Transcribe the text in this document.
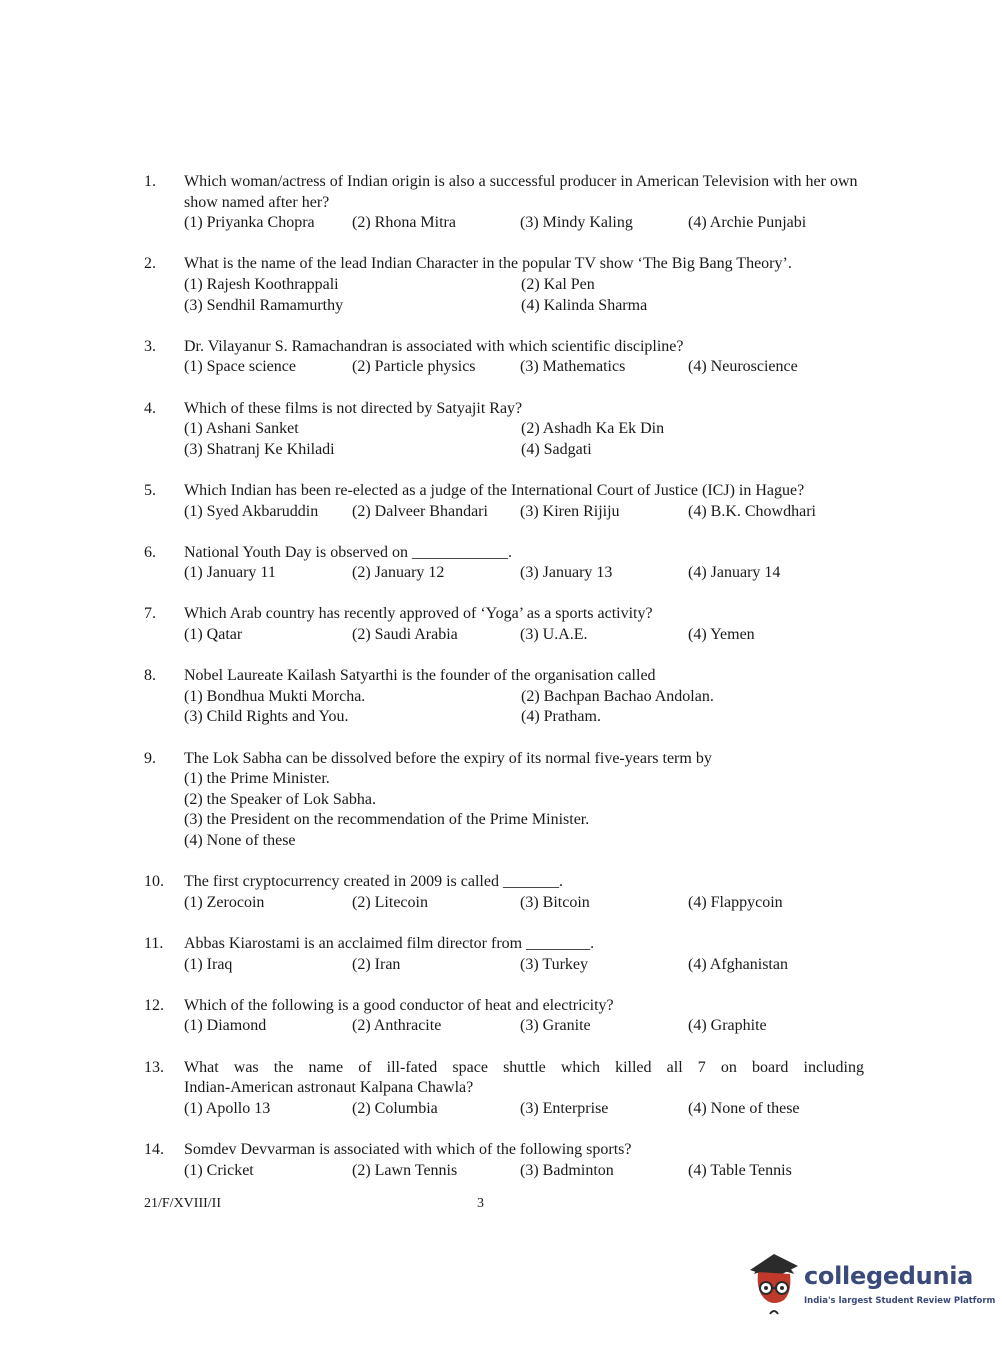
1.	Which woman/actress of Indian origin is also a successful producer in American Television with her own show named after her?
(1) Priyanka Chopra	(2) Rhona Mitra	(3) Mindy Kaling	(4) Archie Punjabi
2.	What is the name of the lead Indian Character in the popular TV show ‘The Big Bang Theory’.
(1) Rajesh Koothrappali	(2) Kal Pen
(3) Sendhil Ramamurthy	(4) Kalinda Sharma
3.	Dr. Vilayanur S. Ramachandran is associated with which scientific discipline?
(1) Space science	(2) Particle physics	(3) Mathematics	(4) Neuroscience
4.	Which of these films is not directed by Satyajit Ray?
(1) Ashani Sanket	(2) Ashadh Ka Ek Din
(3) Shatranj Ke Khiladi	(4) Sadgati
5.	Which Indian has been re-elected as a judge of the International Court of Justice (ICJ) in Hague?
(1) Syed Akbaruddin	(2) Dalveer Bhandari	(3) Kiren Rijiju	(4) B.K. Chowdhari
6.	National Youth Day is observed on ____________.
(1) January 11	(2) January 12	(3) January 13	(4) January 14
7.	Which Arab country has recently approved of ‘Yoga’ as a sports activity?
(1) Qatar	(2) Saudi Arabia	(3) U.A.E.	(4) Yemen
8.	Nobel Laureate Kailash Satyarthi is the founder of the organisation called
(1) Bondhua Mukti Morcha.	(2) Bachpan Bachao Andolan.
(3) Child Rights and You.	(4) Pratham.
9.	The Lok Sabha can be dissolved before the expiry of its normal five-years term by
(1) the Prime Minister.
(2) the Speaker of Lok Sabha.
(3) the President on the recommendation of the Prime Minister.
(4) None of these
10.	The first cryptocurrency created in 2009 is called _______.
(1) Zerocoin	(2) Litecoin	(3) Bitcoin	(4) Flappycoin
11.	Abbas Kiarostami is an acclaimed film director from ________.
(1) Iraq	(2) Iran	(3) Turkey	(4) Afghanistan
12.	Which of the following is a good conductor of heat and electricity?
(1) Diamond	(2) Anthracite	(3) Granite	(4) Graphite
13.	What was the name of ill-fated space shuttle which killed all 7 on board including
Indian-American astronaut Kalpana Chawla?
(1) Apollo 13	(2) Columbia	(3) Enterprise	(4) None of these
14.	Somdev Devvarman is associated with which of the following sports?
(1) Cricket	(2) Lawn Tennis	(3) Badminton	(4) Table Tennis
21/F/XVIII/II	3
collegedunia
India's largest Student Review Platform
